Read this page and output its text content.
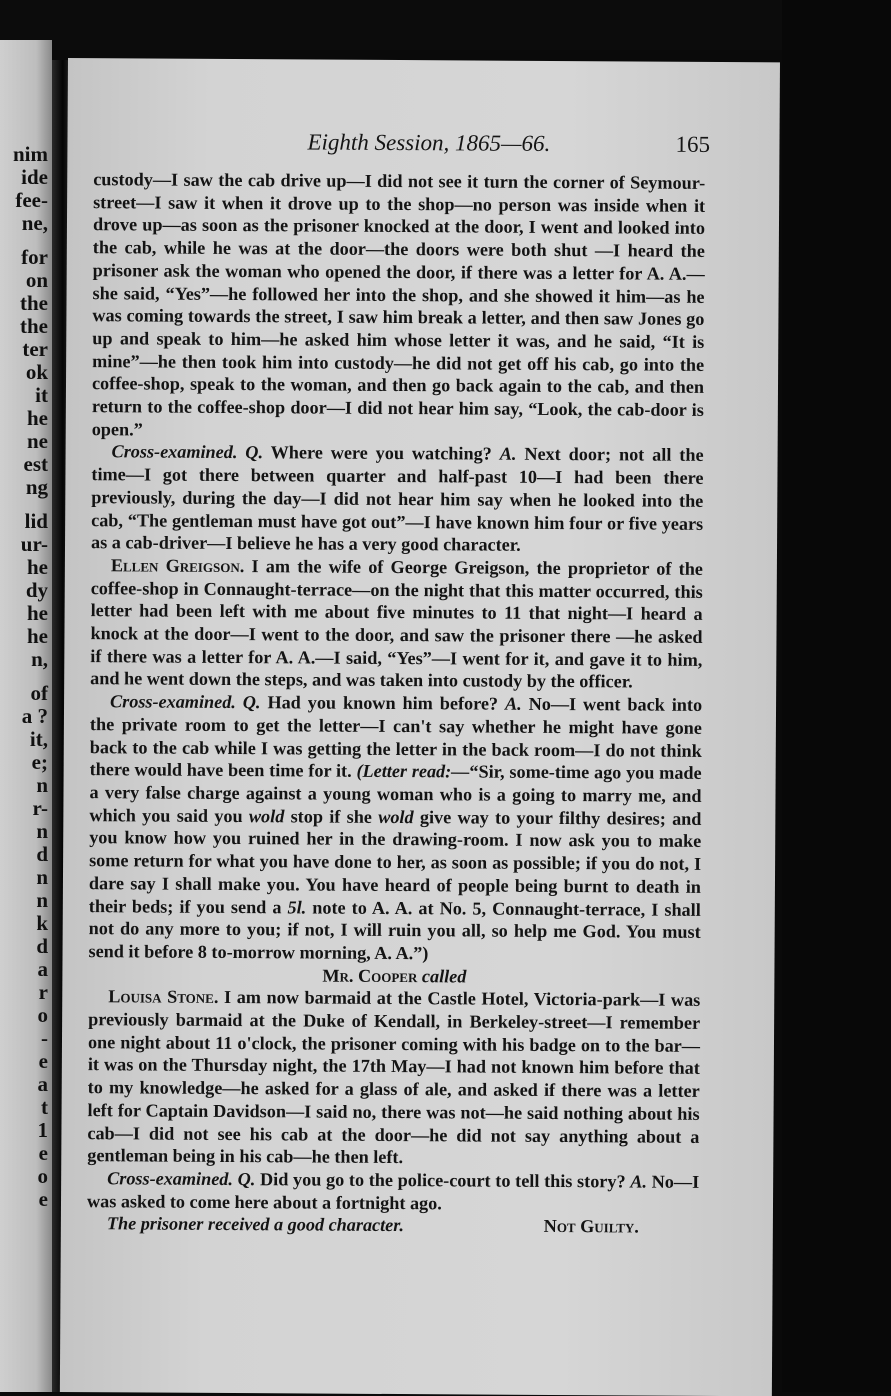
nim
ide
fee-
ne,
for
on
the
the
ter
ok
it
he
ne
est
ng
lid
ur-
he
dy
he
he
n,
of
a ?
it,
e;
n
r-
n
d
n
n
k
d
a
r
o
-
e
a
t
1
e
o
e
Eighth Session, 1865—66.	165

custody—I saw the cab drive up—I did not see it turn the corner of Seymour-street—I saw it when it drove up to the shop—no person was inside when it drove up—as soon as the prisoner knocked at the door, I went and looked into the cab, while he was at the door—the doors were both shut —I heard the prisoner ask the woman who opened the door, if there was a letter for A. A.—she said, “Yes”—he followed her into the shop, and she showed it him—as he was coming towards the street, I saw him break a letter, and then saw Jones go up and speak to him—he asked him whose letter it was, and he said, “It is mine”—he then took him into custody—he did not get off his cab, go into the coffee-shop, speak to the woman, and then go back again to the cab, and then return to the coffee-shop door—I did not hear him say, “Look, the cab-door is open.”

Cross-examined. Q. Where were you watching? A. Next door; not all the time—I got there between quarter and half-past 10—I had been there previously, during the day—I did not hear him say when he looked into the cab, “The gentleman must have got out”—I have known him four or five years as a cab-driver—I believe he has a very good character.

Ellen Greigson. I am the wife of George Greigson, the proprietor of the coffee-shop in Connaught-terrace—on the night that this matter occurred, this letter had been left with me about five minutes to 11 that night—I heard a knock at the door—I went to the door, and saw the prisoner there —he asked if there was a letter for A. A.—I said, “Yes”—I went for it, and gave it to him, and he went down the steps, and was taken into custody by the officer.

Cross-examined. Q. Had you known him before? A. No—I went back into the private room to get the letter—I can't say whether he might have gone back to the cab while I was getting the letter in the back room—I do not think there would have been time for it. (Letter read:—“Sir, some-time ago you made a very false charge against a young woman who is a going to marry me, and which you said you wold stop if she wold give way to your filthy desires; and you know how you ruined her in the drawing-room. I now ask you to make some return for what you have done to her, as soon as possible; if you do not, I dare say I shall make you. You have heard of people being burnt to death in their beds; if you send a 5l. note to A. A. at No. 5, Connaught-terrace, I shall not do any more to you; if not, I will ruin you all, so help me God. You must send it before 8 to-morrow morning, A. A.”)

Mr. Cooper called

Louisa Stone. I am now barmaid at the Castle Hotel, Victoria-park—I was previously barmaid at the Duke of Kendall, in Berkeley-street—I remember one night about 11 o'clock, the prisoner coming with his badge on to the bar—it was on the Thursday night, the 17th May—I had not known him before that to my knowledge—he asked for a glass of ale, and asked if there was a letter left for Captain Davidson—I said no, there was not—he said nothing about his cab—I did not see his cab at the door—he did not say anything about a gentleman being in his cab—he then left.

Cross-examined. Q. Did you go to the police-court to tell this story? A. No—I was asked to come here about a fortnight ago.

The prisoner received a good character.	Not Guilty.
